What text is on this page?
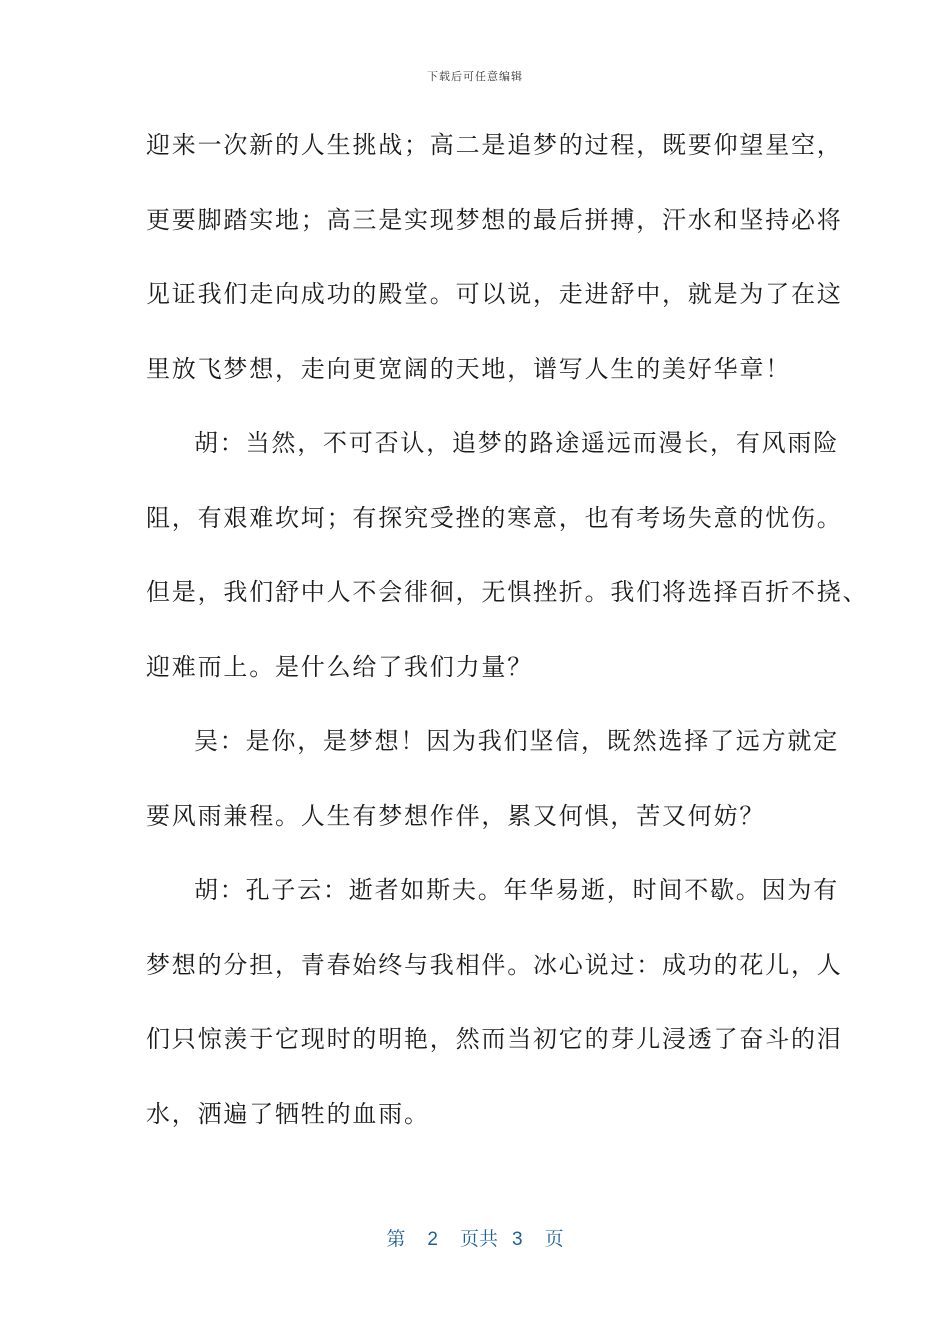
下载后可任意编辑
迎来一次新的人生挑战；高二是追梦的过程，既要仰望星空，
更要脚踏实地；高三是实现梦想的最后拼搏，汗水和坚持必将
见证我们走向成功的殿堂。可以说，走进舒中，就是为了在这
里放飞梦想，走向更宽阔的天地，谱写人生的美好华章！
胡：当然，不可否认，追梦的路途遥远而漫长，有风雨险
阻，有艰难坎坷；有探究受挫的寒意，也有考场失意的忧伤。
但是，我们舒中人不会徘徊，无惧挫折。我们将选择百折不挠、
迎难而上。是什么给了我们力量？
吴：是你，是梦想！因为我们坚信，既然选择了远方就定
要风雨兼程。人生有梦想作伴，累又何惧，苦又何妨？
胡：孔子云：逝者如斯夫。年华易逝，时间不歇。因为有
梦想的分担，青春始终与我相伴。冰心说过：成功的花儿，人
们只惊羡于它现时的明艳，然而当初它的芽儿浸透了奋斗的泪
水，洒遍了牺牲的血雨。
第 2 页共 3 页
